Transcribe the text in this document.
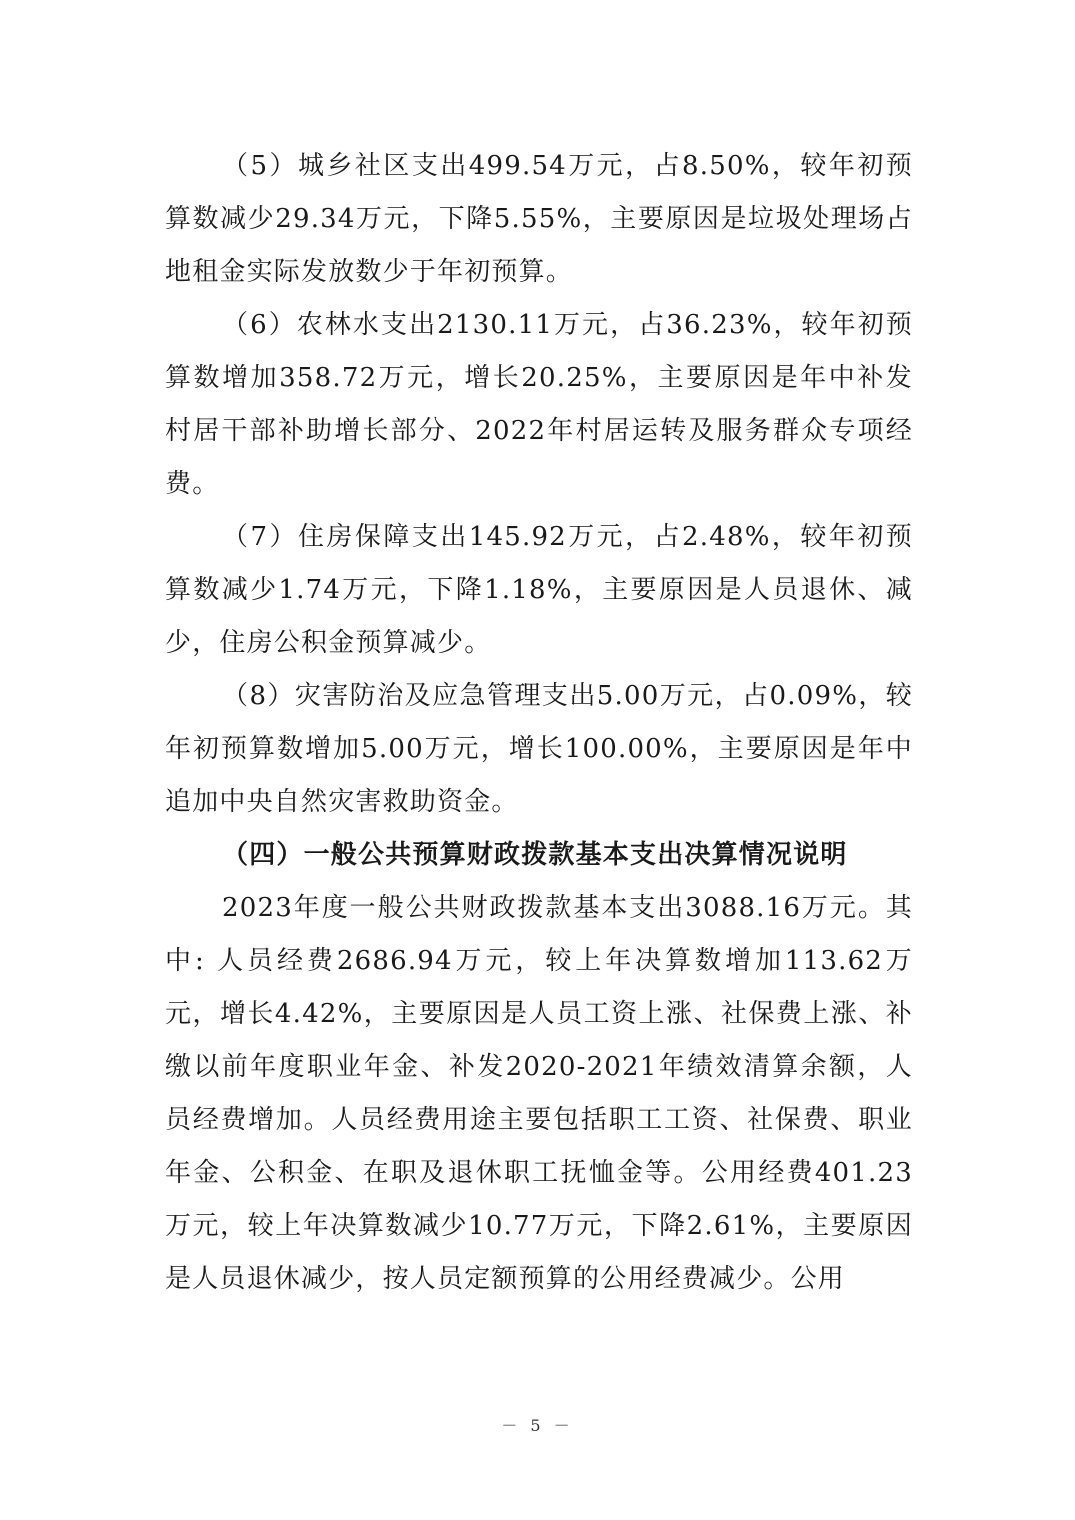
（5）城乡社区支出499.54万元，占8.50%，较年初预算数减少29.34万元，下降5.55%，主要原因是垃圾处理场占地租金实际发放数少于年初预算。

（6）农林水支出2130.11万元，占36.23%，较年初预算数增加358.72万元，增长20.25%，主要原因是年中补发村居干部补助增长部分、2022年村居运转及服务群众专项经费。

（7）住房保障支出145.92万元，占2.48%，较年初预算数减少1.74万元，下降1.18%，主要原因是人员退休、减少，住房公积金预算减少。

（8）灾害防治及应急管理支出5.00万元，占0.09%，较年初预算数增加5.00万元，增长100.00%，主要原因是年中追加中央自然灾害救助资金。

（四）一般公共预算财政拨款基本支出决算情况说明

2023年度一般公共财政拨款基本支出3088.16万元。其中: 人员经费2686.94万元，较上年决算数增加113.62万元，增长4.42%，主要原因是人员工资上涨、社保费上涨、补缴以前年度职业年金、补发2020-2021年绩效清算余额，人员经费增加。人员经费用途主要包括职工工资、社保费、职业年金、公积金、在职及退休职工抚恤金等。公用经费401.23万元，较上年决算数减少10.77万元，下降2.61%，主要原因是人员退休减少，按人员定额预算的公用经费减少。公用

－ 5 －
